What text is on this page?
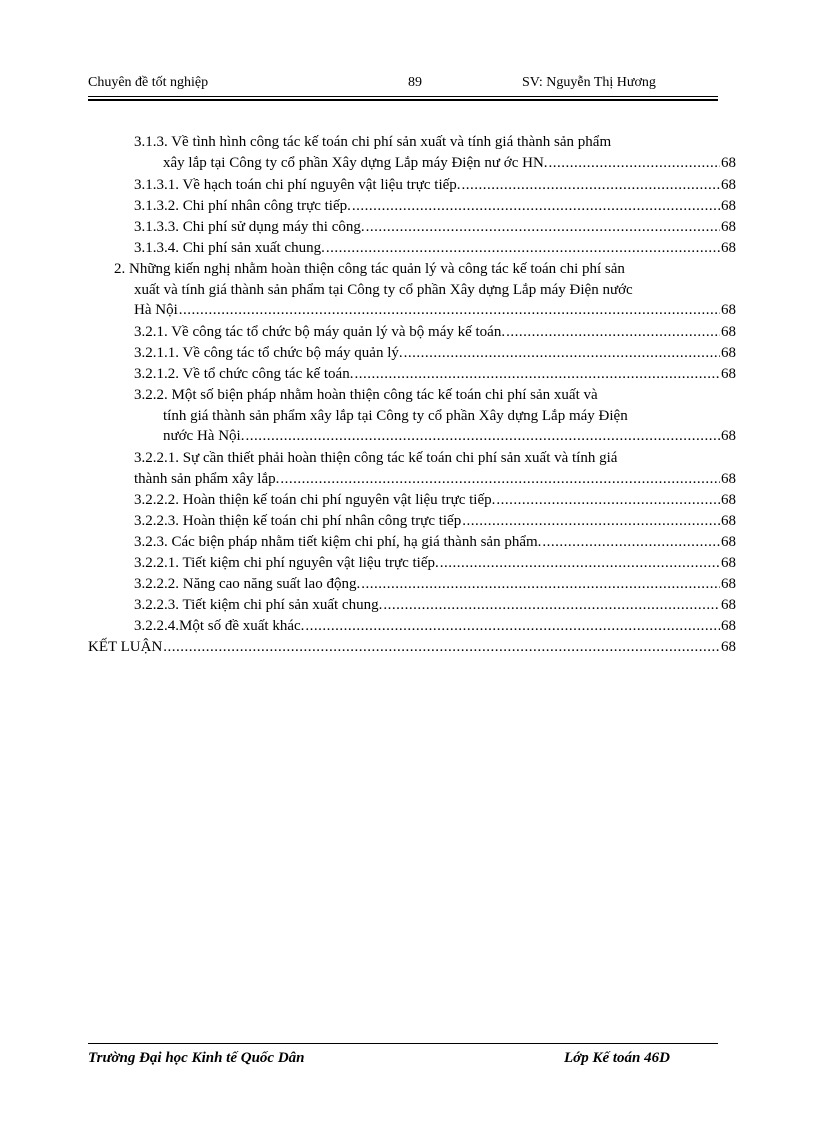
Chuyên đề tốt nghiệp	89	SV: Nguyễn Thị Hương
3.1.3. Về tình hình công tác kế toán chi phí sản xuất và tính giá thành sản phẩm
xây lắp tại Công ty cổ phần Xây dựng Lắp máy Điện nư ớc HN. .....	68
3.1.3.1. Về hạch toán chi phí nguyên vật liệu trực tiếp. .....	68
3.1.3.2. Chi phí nhân công trực tiếp. .....	68
3.1.3.3. Chi phí sử dụng máy thi công. .....	68
3.1.3.4. Chi phí sản xuất chung. .....	68
2. Những kiến nghị nhằm hoàn thiện công tác quản lý và công tác kế toán chi phí sản
xuất và tính giá thành sản phẩm tại Công ty cổ phần Xây dựng Lắp máy Điện nước
Hà Nội .....	68
3.2.1. Về công tác tổ chức bộ máy quản lý và bộ máy kế toán. .....	68
3.2.1.1. Về công tác tổ chức bộ máy quản lý. .....	68
3.2.1.2. Về tổ chức công tác kế toán. .....	68
3.2.2. Một số biện pháp nhằm hoàn thiện công tác kế toán chi phí sản xuất và
tính giá thành sản phẩm xây lắp tại Công ty cổ phần Xây dựng Lắp máy Điện
nước Hà Nội. .....	68
3.2.2.1. Sự cần thiết phải hoàn thiện công tác kế toán chi phí sản xuất và tính giá
thành sản phẩm xây lắp. .....	68
3.2.2.2. Hoàn thiện kế toán chi phí nguyên vật liệu trực tiếp. .....	68
3.2.2.3. Hoàn thiện kế toán chi phí nhân công trực tiếp .....	68
3.2.3. Các biện pháp nhằm tiết kiệm chi phí, hạ giá thành sản phẩm. .....	68
3.2.2.1. Tiết kiệm chi phí nguyên vật liệu trực tiếp. .....	68
3.2.2.2. Năng cao năng suất lao động. .....	68
3.2.2.3. Tiết kiệm chi phí sản xuất chung. .....	68
3.2.2.4.Một số đề xuất khác. .....	68
KẾT LUẬN .....	68
Trường Đại học Kinh tế Quốc Dân	Lớp Kế toán 46D
